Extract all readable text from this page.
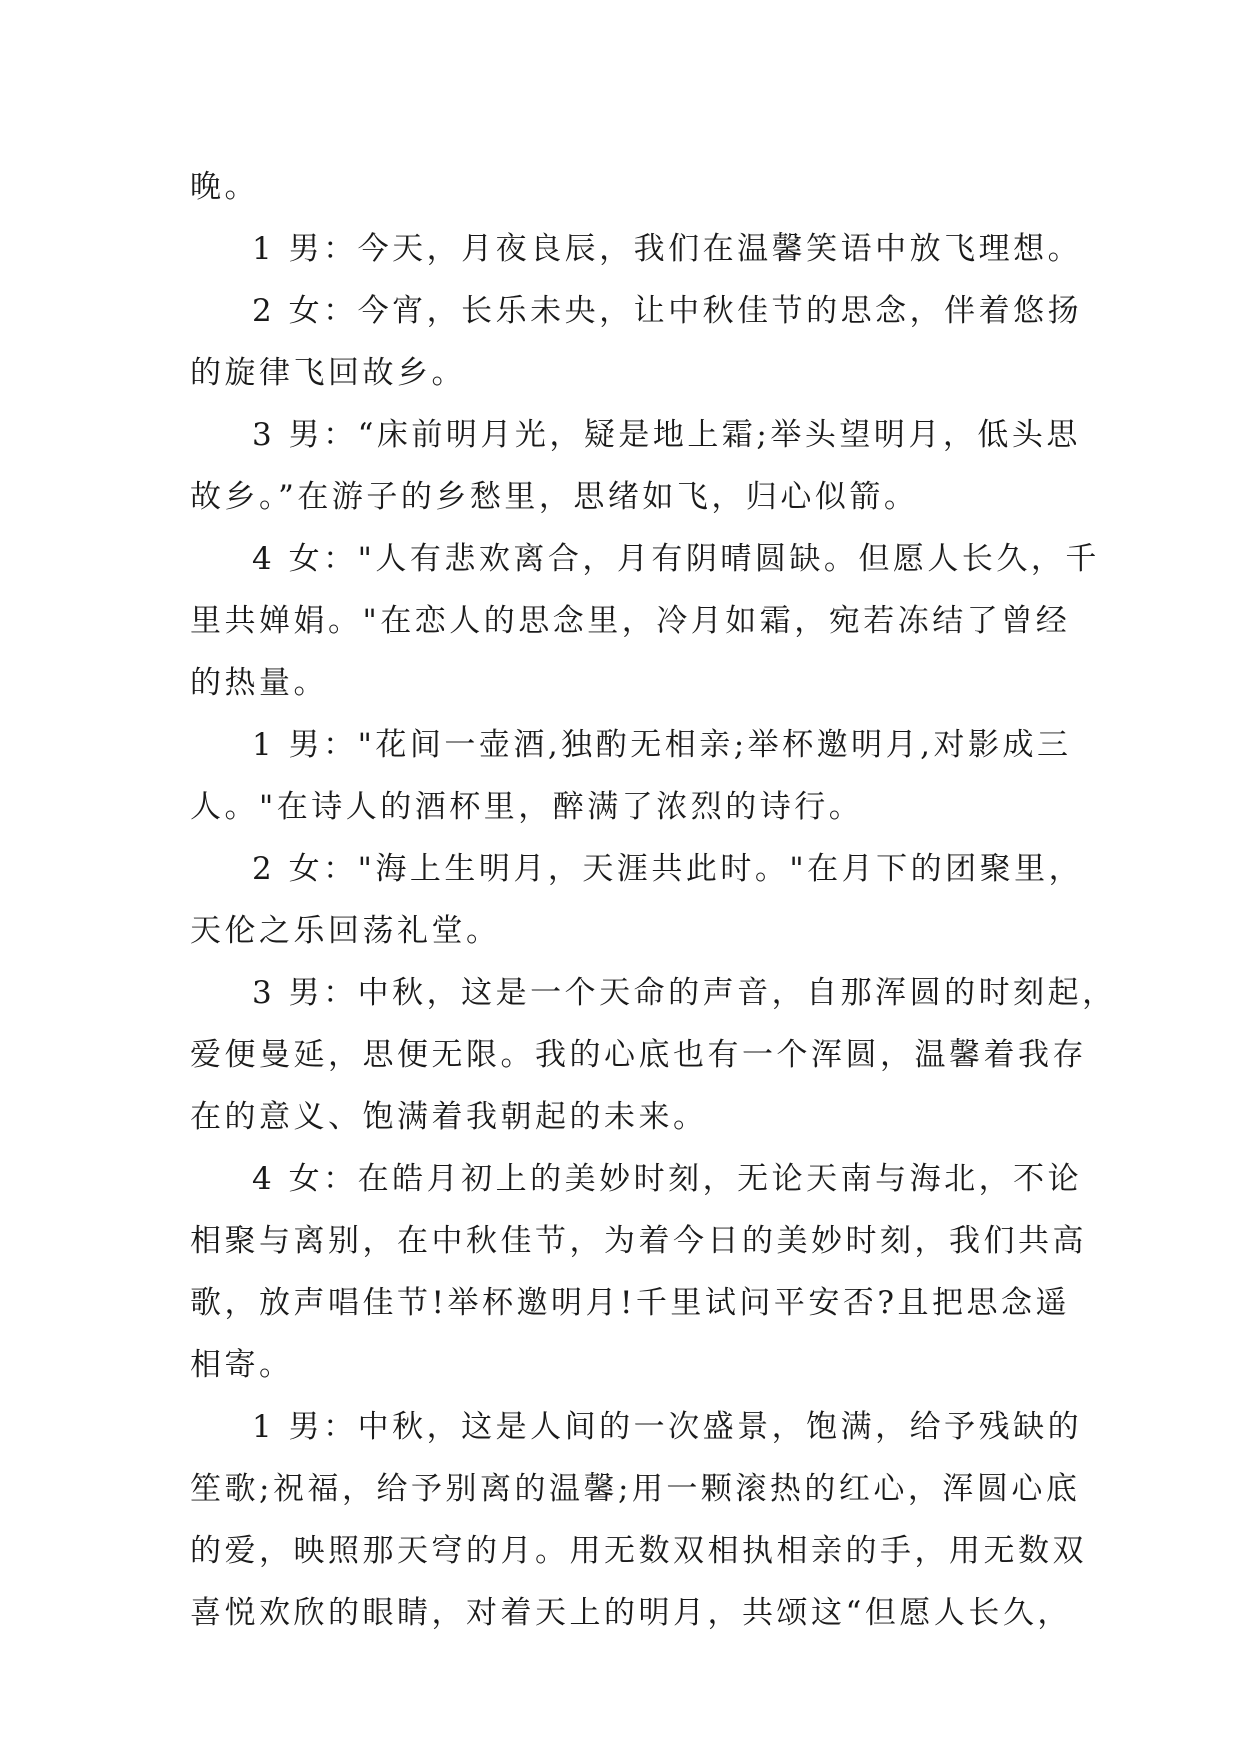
晚。
1 男：今天，月夜良辰，我们在温馨笑语中放飞理想。
2 女：今宵，长乐未央，让中秋佳节的思念，伴着悠扬
的旋律飞回故乡。
3 男：“床前明月光，疑是地上霜;举头望明月，低头思
故乡。”在游子的乡愁里，思绪如飞，归心似箭。
4 女："人有悲欢离合，月有阴晴圆缺。但愿人长久，千
里共婵娟。"在恋人的思念里，冷月如霜，宛若冻结了曾经
的热量。
1 男："花间一壶酒,独酌无相亲;举杯邀明月,对影成三
人。"在诗人的酒杯里，醉满了浓烈的诗行。
2 女："海上生明月，天涯共此时。"在月下的团聚里，
天伦之乐回荡礼堂。
3 男：中秋，这是一个天命的声音，自那浑圆的时刻起，
爱便曼延，思便无限。我的心底也有一个浑圆，温馨着我存
在的意义、饱满着我朝起的未来。
4 女：在皓月初上的美妙时刻，无论天南与海北，不论
相聚与离别，在中秋佳节，为着今日的美妙时刻，我们共高
歌，放声唱佳节!举杯邀明月!千里试问平安否?且把思念遥
相寄。
1 男：中秋，这是人间的一次盛景，饱满，给予残缺的
笙歌;祝福，给予别离的温馨;用一颗滚热的红心，浑圆心底
的爱，映照那天穹的月。用无数双相执相亲的手，用无数双
喜悦欢欣的眼睛，对着天上的明月，共颂这“但愿人长久，
